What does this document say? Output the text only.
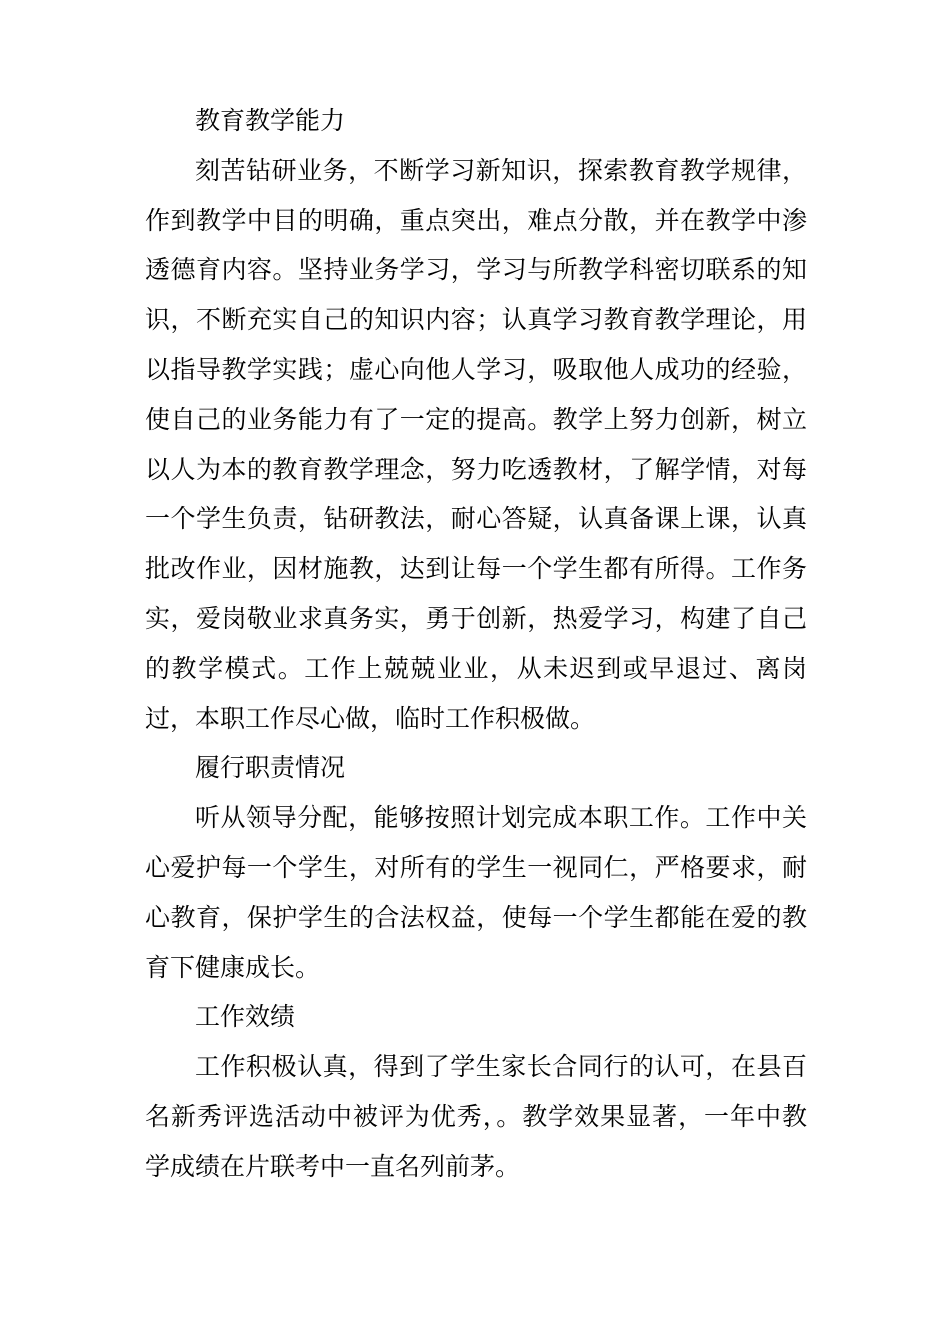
教育教学能力

刻苦钻研业务，不断学习新知识，探索教育教学规律，作到教学中目的明确，重点突出，难点分散，并在教学中渗透德育内容。坚持业务学习，学习与所教学科密切联系的知识，不断充实自己的知识内容；认真学习教育教学理论，用以指导教学实践；虚心向他人学习，吸取他人成功的经验，使自己的业务能力有了一定的提高。教学上努力创新，树立以人为本的教育教学理念，努力吃透教材，了解学情，对每一个学生负责，钻研教法，耐心答疑，认真备课上课，认真批改作业，因材施教，达到让每一个学生都有所得。工作务实，爱岗敬业求真务实，勇于创新，热爱学习，构建了自己的教学模式。工作上兢兢业业，从未迟到或早退过、离岗过，本职工作尽心做，临时工作积极做。

履行职责情况

听从领导分配，能够按照计划完成本职工作。工作中关心爱护每一个学生，对所有的学生一视同仁，严格要求，耐心教育，保护学生的合法权益，使每一个学生都能在爱的教育下健康成长。

工作效绩

工作积极认真，得到了学生家长合同行的认可，在县百名新秀评选活动中被评为优秀，。教学效果显著，一年中教学成绩在片联考中一直名列前茅。
